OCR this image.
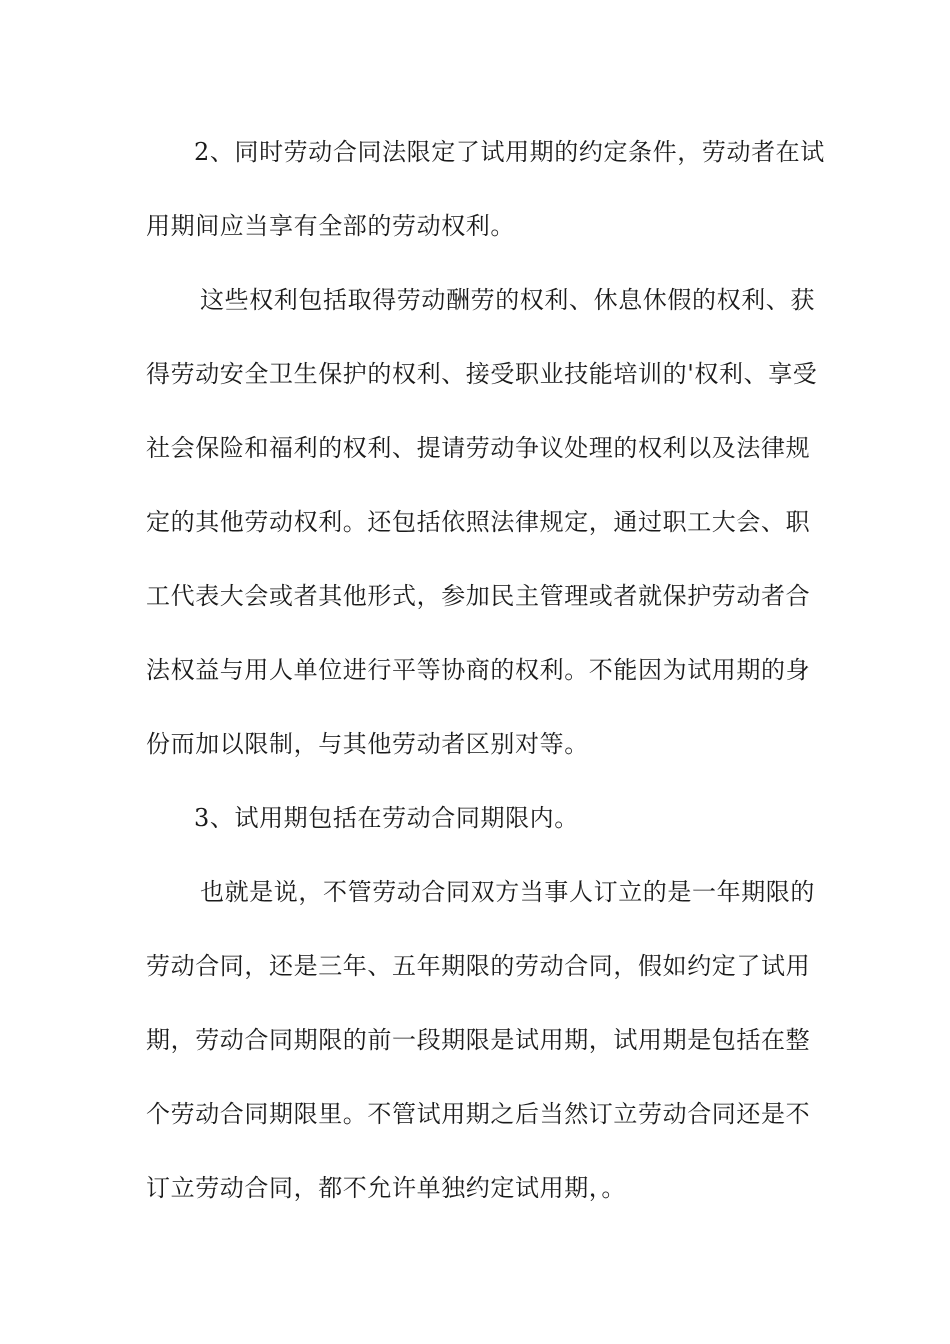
2、同时劳动合同法限定了试用期的约定条件，劳动者在试
用期间应当享有全部的劳动权利。
这些权利包括取得劳动酬劳的权利、休息休假的权利、获
得劳动安全卫生保护的权利、接受职业技能培训的'权利、享受
社会保险和福利的权利、提请劳动争议处理的权利以及法律规
定的其他劳动权利。还包括依照法律规定，通过职工大会、职
工代表大会或者其他形式，参加民主管理或者就保护劳动者合
法权益与用人单位进行平等协商的权利。不能因为试用期的身
份而加以限制，与其他劳动者区别对等。
3、试用期包括在劳动合同期限内。
也就是说，不管劳动合同双方当事人订立的是一年期限的
劳动合同，还是三年、五年期限的劳动合同，假如约定了试用
期，劳动合同期限的前一段期限是试用期，试用期是包括在整
个劳动合同期限里。不管试用期之后当然订立劳动合同还是不
订立劳动合同，都不允许单独约定试用期，。
